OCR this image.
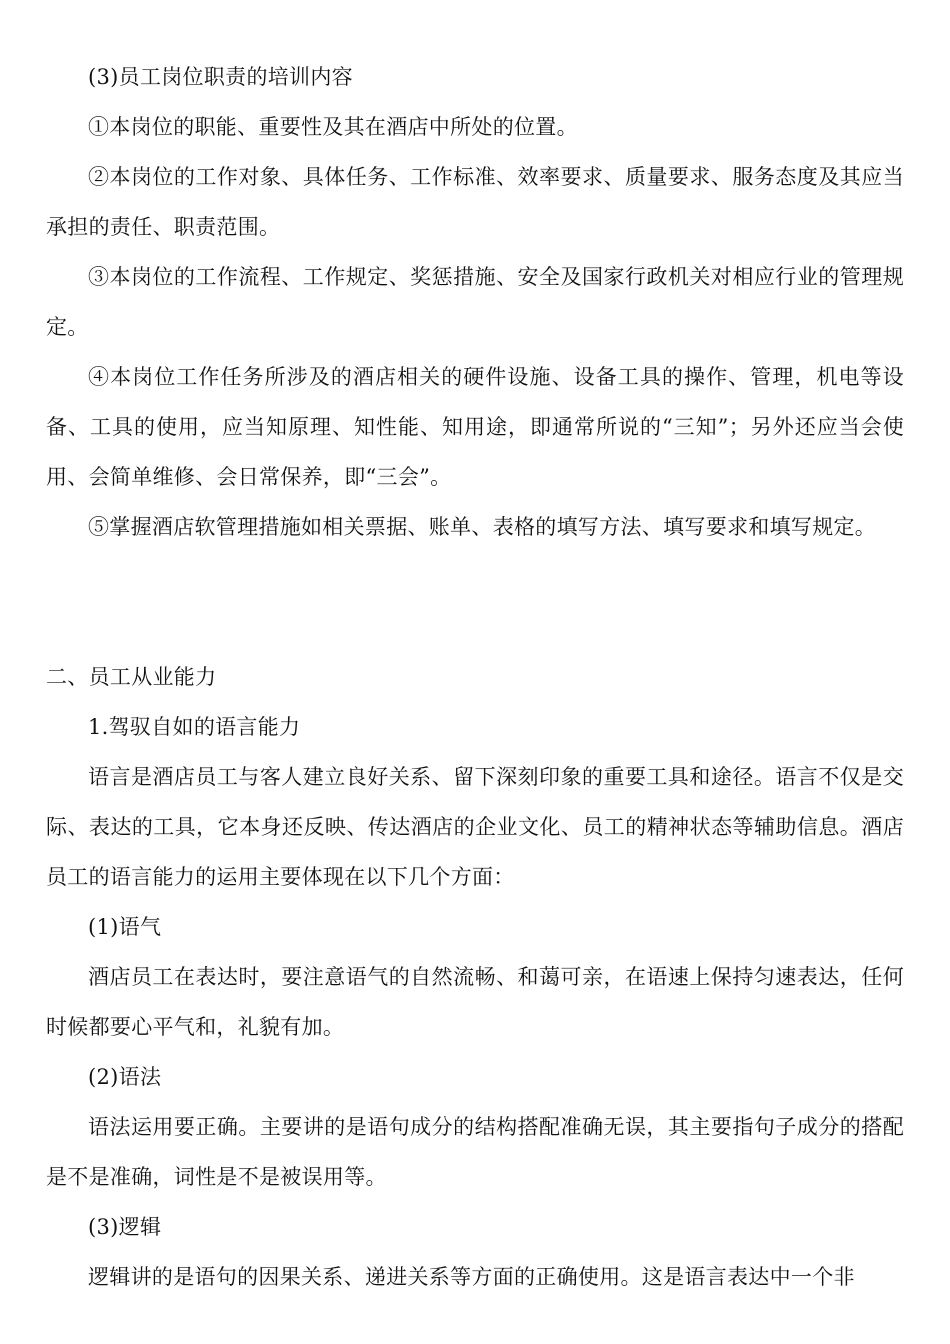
(3)员工岗位职责的培训内容

①本岗位的职能、重要性及其在酒店中所处的位置。

②本岗位的工作对象、具体任务、工作标准、效率要求、质量要求、服务态度及其应当承担的责任、职责范围。

③本岗位的工作流程、工作规定、奖惩措施、安全及国家行政机关对相应行业的管理规定。

④本岗位工作任务所涉及的酒店相关的硬件设施、设备工具的操作、管理，机电等设备、工具的使用，应当知原理、知性能、知用途，即通常所说的“三知”；另外还应当会使用、会简单维修、会日常保养，即“三会”。

⑤掌握酒店软管理措施如相关票据、账单、表格的填写方法、填写要求和填写规定。

二、员工从业能力

1.驾驭自如的语言能力

语言是酒店员工与客人建立良好关系、留下深刻印象的重要工具和途径。语言不仅是交际、表达的工具，它本身还反映、传达酒店的企业文化、员工的精神状态等辅助信息。酒店员工的语言能力的运用主要体现在以下几个方面：

(1)语气

酒店员工在表达时，要注意语气的自然流畅、和蔼可亲，在语速上保持匀速表达，任何时候都要心平气和，礼貌有加。

(2)语法

语法运用要正确。主要讲的是语句成分的结构搭配准确无误，其主要指句子成分的搭配是不是准确，词性是不是被误用等。

(3)逻辑

逻辑讲的是语句的因果关系、递进关系等方面的正确使用。这是语言表达中一个非
